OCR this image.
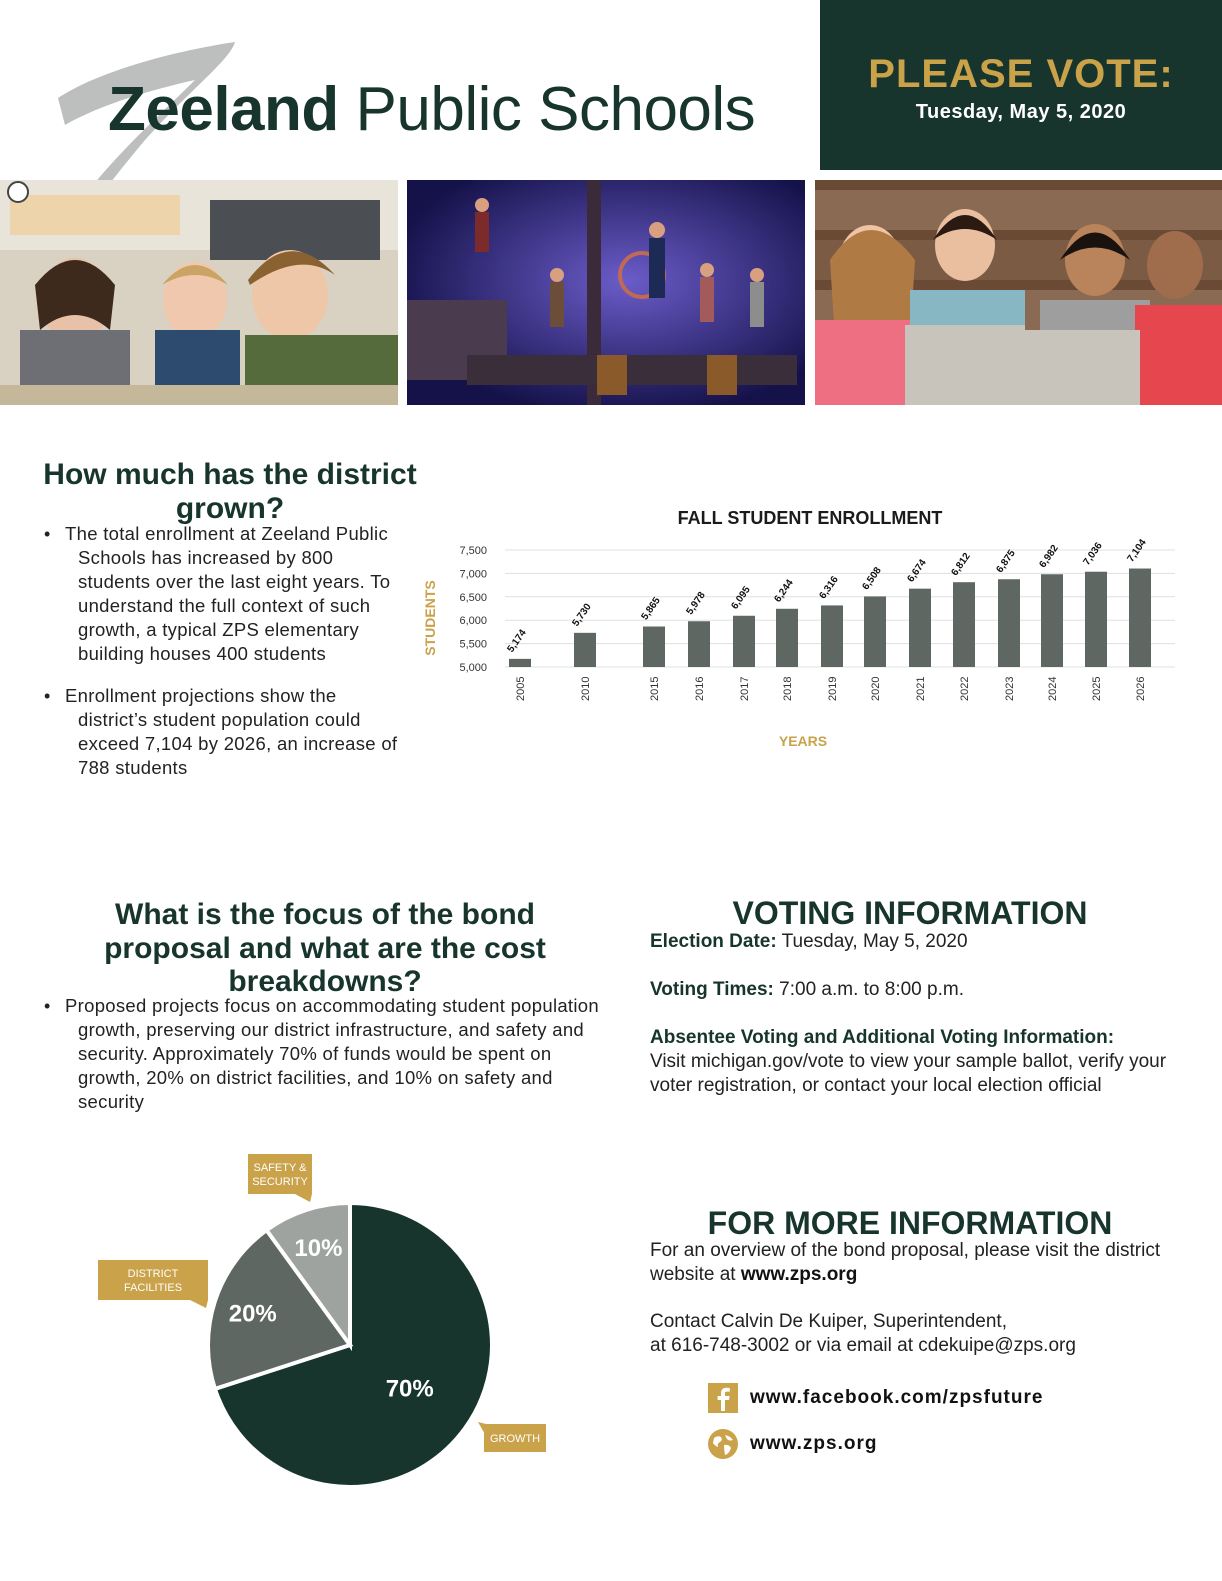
Zeeland Public Schools
PLEASE VOTE:
Tuesday, May 5, 2020
How much has the district grown?
• The total enrollment at Zeeland Public Schools has increased by 800 students over the last eight years. To understand the full context of such growth, a typical ZPS elementary building houses 400 students
• Enrollment projections show the district’s student population could exceed 7,104 by 2026, an increase of 788 students
FALL STUDENT ENROLLMENT
STUDENTS
YEARS
5,174
5,730	5,865 5,978 6,095 6,244 6,316 6,508 6,674 6,812 6,875 6,982 7,036 7,104
2005	2010	2015	2016	2017	2018	2019	2020	2021	2022	2023	2024	2025	2026
5,000
5,500
6,000
6,500
7,000
7,500
What is the focus of the bond proposal and what are the cost breakdowns?
• Proposed projects focus on accommodating student population growth, preserving our district infrastructure, and safety and security. Approximately 70% of funds would be spent on growth, 20% on district facilities, and 10% on safety and security
70%
20%
10%
SAFETY &
SECURITY
DISTRICT
FACILITIES
GROWTH
VOTING INFORMATION

Election Date: Tuesday, May 5, 2020

Voting Times: 7:00 a.m. to 8:00 p.m.

Absentee Voting and Additional Voting Information:

Visit michigan.gov/vote to view your sample ballot, verify your voter registration, or contact your local election official

FOR MORE INFORMATION

For an overview of the bond proposal, please visit the district website at www.zps.org

Contact Calvin De Kuiper, Superintendent,

at 616-748-3002 or via email at cdekuipe@zps.org

www.facebook.com/zpsfuture
www.zps.org
